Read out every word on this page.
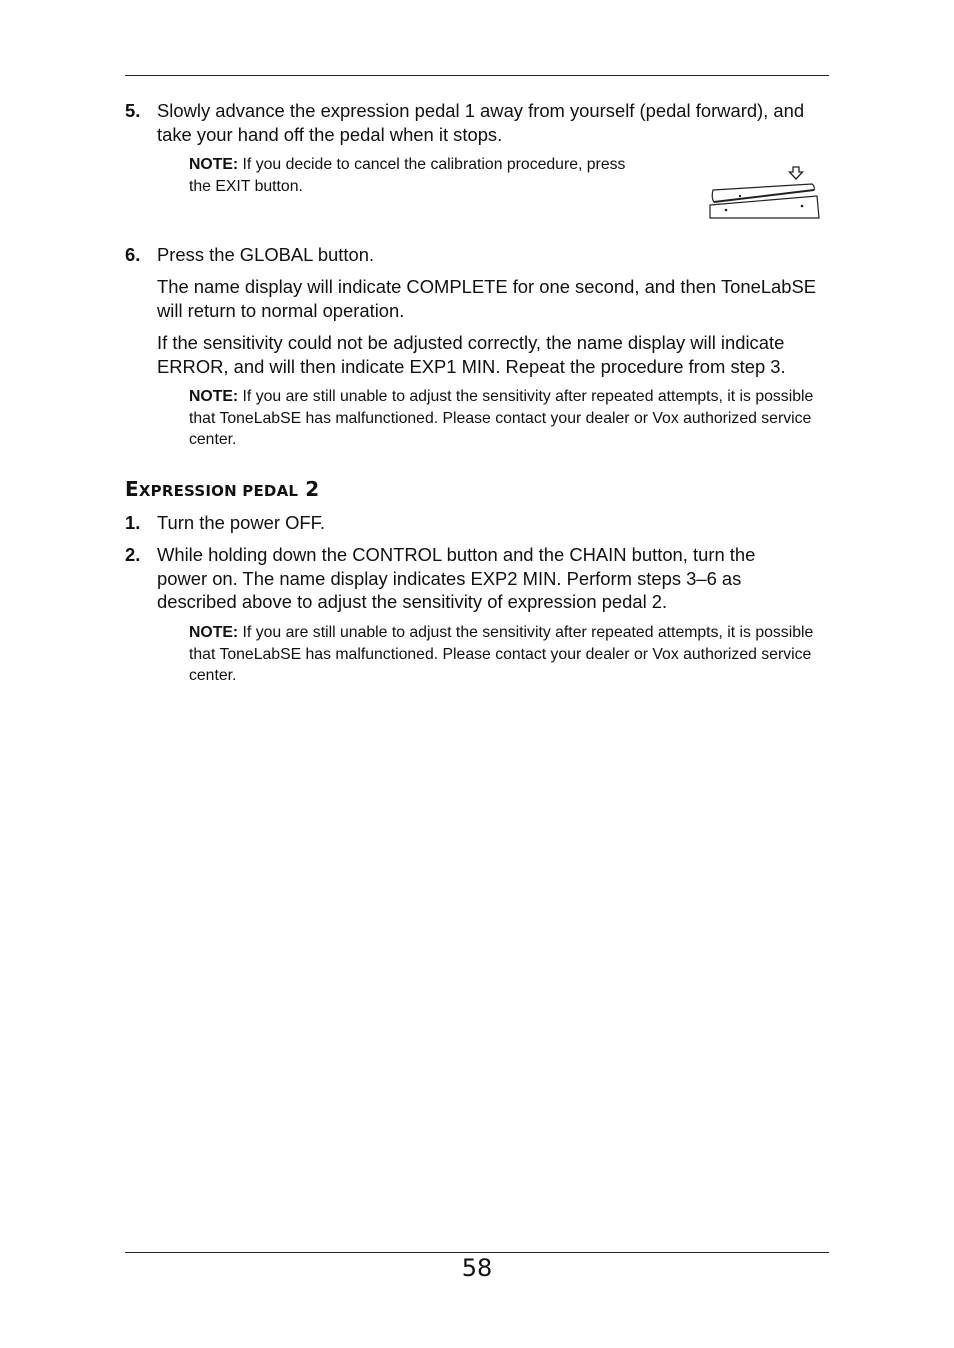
5. Slowly advance the expression pedal 1 away from yourself (pedal forward), and take your hand off the pedal when it stops.
NOTE: If you decide to cancel the calibration procedure, press the EXIT button.
6. Press the GLOBAL button.
The name display will indicate COMPLETE for one second, and then ToneLabSE will return to normal operation.
If the sensitivity could not be adjusted correctly, the name display will indicate ERROR, and will then indicate EXP1 MIN. Repeat the procedure from step 3.
NOTE: If you are still unable to adjust the sensitivity after repeated attempts, it is possible that ToneLabSE has malfunctioned. Please contact your dealer or Vox authorized service center.
EXPRESSION PEDAL 2
1. Turn the power OFF.
2. While holding down the CONTROL button and the CHAIN button, turn the power on. The name display indicates EXP2 MIN. Perform steps 3–6 as described above to adjust the sensitivity of expression pedal 2.
NOTE: If you are still unable to adjust the sensitivity after repeated attempts, it is possible that ToneLabSE has malfunctioned. Please contact your dealer or Vox authorized service center.
58
